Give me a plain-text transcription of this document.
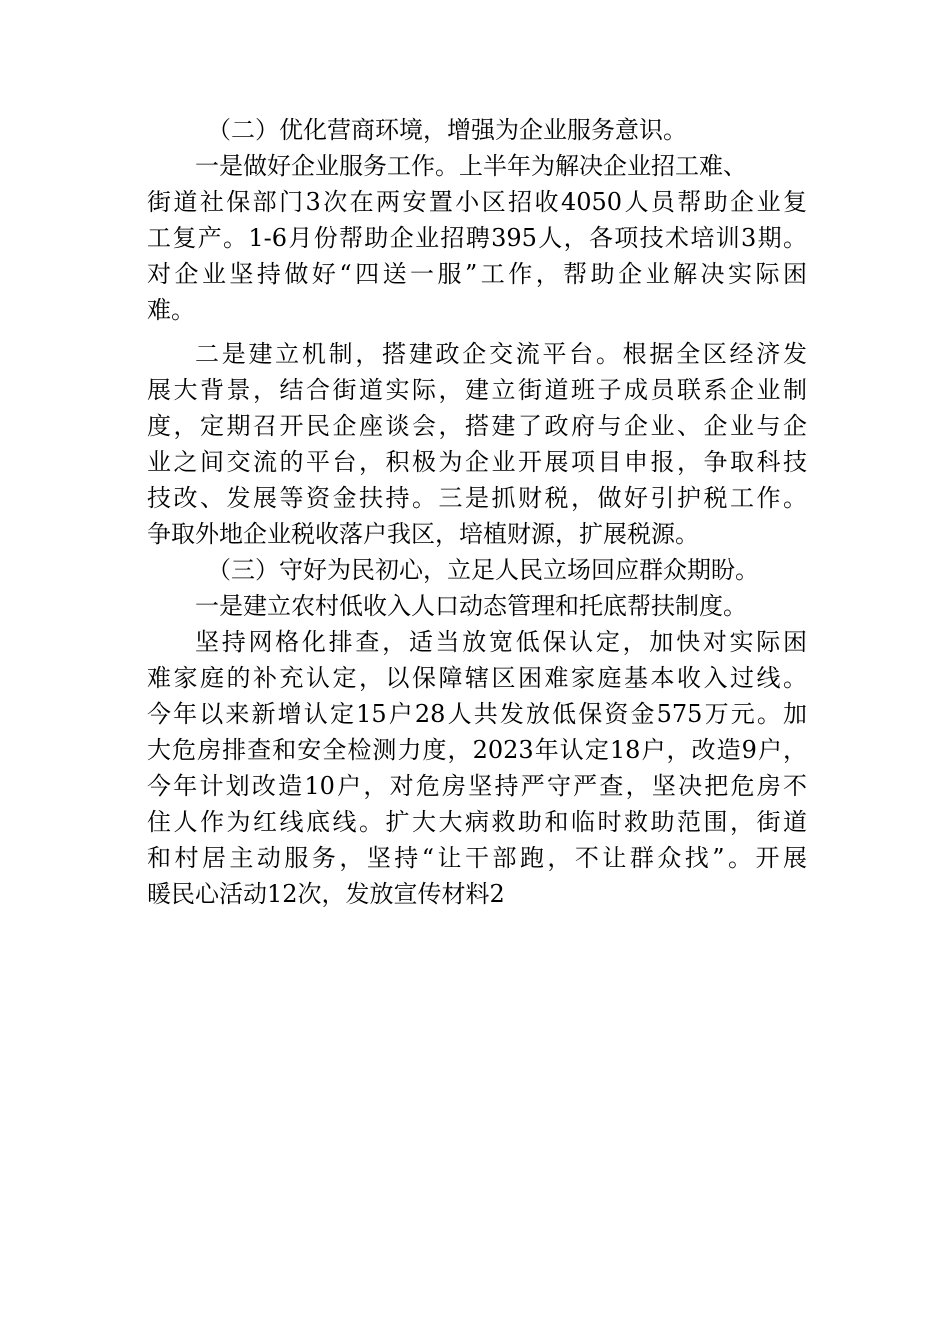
（二）优化营商环境，增强为企业服务意识。
一是做好企业服务工作。上半年为解决企业招工难、
街道社保部门3次在两安置小区招收4050人员帮助企业复
工复产。1-6月份帮助企业招聘395人，各项技术培训3期。
对企业坚持做好“四送一服”工作，帮助企业解决实际困
难。
二是建立机制，搭建政企交流平台。根据全区经济发
展大背景，结合街道实际，建立街道班子成员联系企业制
度，定期召开民企座谈会，搭建了政府与企业、企业与企
业之间交流的平台，积极为企业开展项目申报，争取科技
技改、发展等资金扶持。三是抓财税，做好引护税工作。
争取外地企业税收落户我区，培植财源，扩展税源。
（三）守好为民初心，立足人民立场回应群众期盼。
一是建立农村低收入人口动态管理和托底帮扶制度。
坚持网格化排查，适当放宽低保认定，加快对实际困
难家庭的补充认定，以保障辖区困难家庭基本收入过线。
今年以来新增认定15户28人共发放低保资金575万元。加
大危房排查和安全检测力度，2023年认定18户，改造9户，
今年计划改造10户，对危房坚持严守严查，坚决把危房不
住人作为红线底线。扩大大病救助和临时救助范围，街道
和村居主动服务，坚持“让干部跑，不让群众找”。开展
暖民心活动12次，发放宣传材料2
